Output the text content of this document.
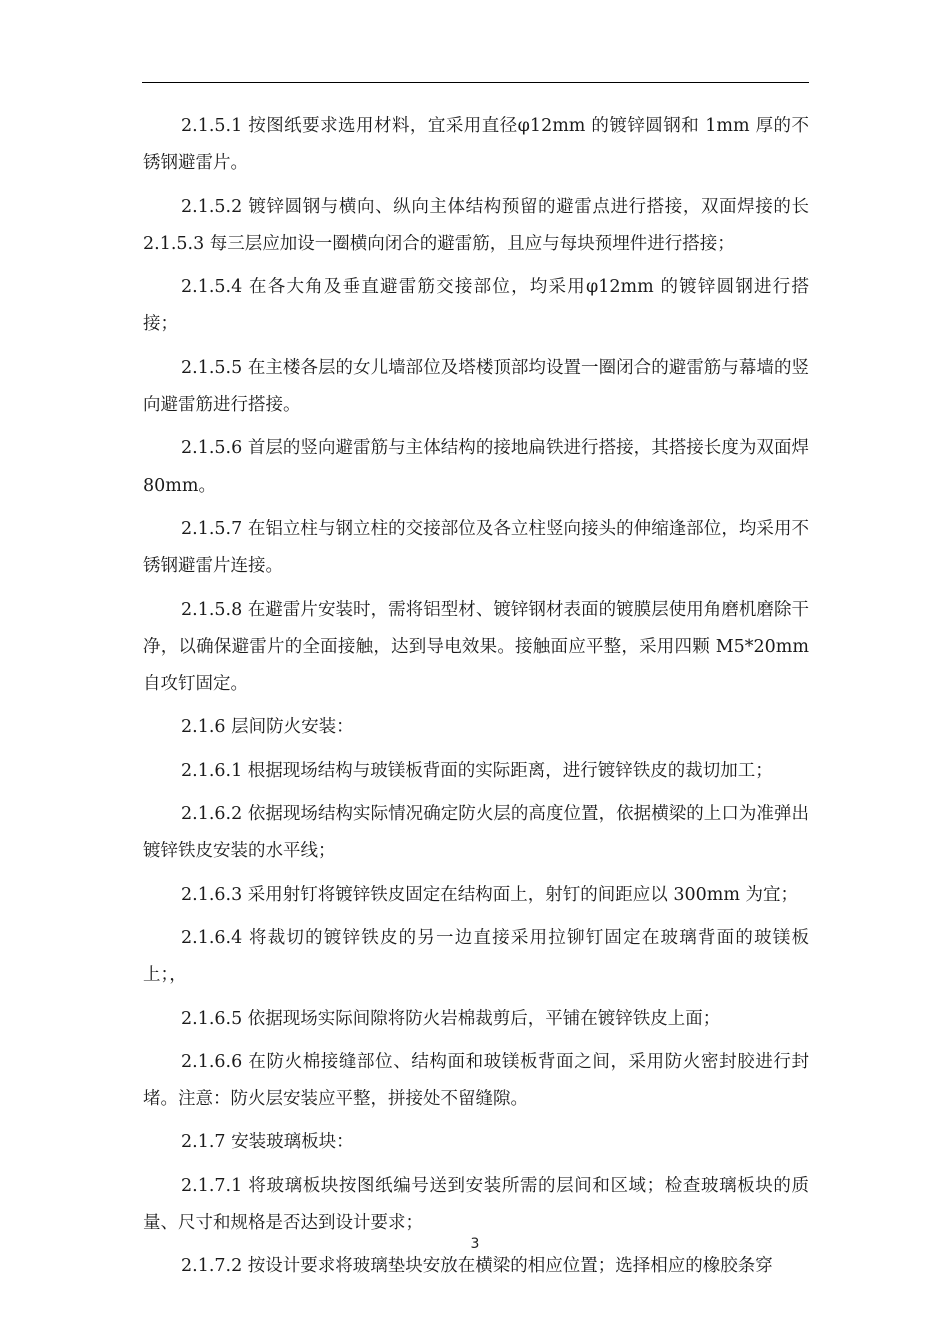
2.1.5.1 按图纸要求选用材料，宜采用直径φ12mm 的镀锌圆钢和 1mm 厚的不锈钢避雷片。

2.1.5.2 镀锌圆钢与横向、纵向主体结构预留的避雷点进行搭接，双面焊接的长 2.1.5.3 每三层应加设一圈横向闭合的避雷筋，且应与每块预埋件进行搭接；

2.1.5.4 在各大角及垂直避雷筋交接部位，均采用φ12mm 的镀锌圆钢进行搭接；

2.1.5.5 在主楼各层的女儿墙部位及塔楼顶部均设置一圈闭合的避雷筋与幕墙的竖向避雷筋进行搭接。

2.1.5.6 首层的竖向避雷筋与主体结构的接地扁铁进行搭接，其搭接长度为双面焊 80mm。

2.1.5.7 在铝立柱与钢立柱的交接部位及各立柱竖向接头的伸缩逢部位，均采用不锈钢避雷片连接。

2.1.5.8 在避雷片安装时，需将铝型材、镀锌钢材表面的镀膜层使用角磨机磨除干净，以确保避雷片的全面接触，达到导电效果。接触面应平整，采用四颗 M5*20mm 自攻钉固定。

2.1.6 层间防火安装：

2.1.6.1 根据现场结构与玻镁板背面的实际距离，进行镀锌铁皮的裁切加工；

2.1.6.2 依据现场结构实际情况确定防火层的高度位置，依据横梁的上口为准弹出镀锌铁皮安装的水平线；

2.1.6.3 采用射钉将镀锌铁皮固定在结构面上，射钉的间距应以 300mm 为宜；

2.1.6.4 将裁切的镀锌铁皮的另一边直接采用拉铆钉固定在玻璃背面的玻镁板上；，

2.1.6.5 依据现场实际间隙将防火岩棉裁剪后，平铺在镀锌铁皮上面；

2.1.6.6 在防火棉接缝部位、结构面和玻镁板背面之间，采用防火密封胶进行封堵。注意：防火层安装应平整，拼接处不留缝隙。

2.1.7 安装玻璃板块：

2.1.7.1 将玻璃板块按图纸编号送到安装所需的层间和区域；检查玻璃板块的质量、尺寸和规格是否达到设计要求；

2.1.7.2 按设计要求将玻璃垫块安放在横梁的相应位置；选择相应的橡胶条穿

3
